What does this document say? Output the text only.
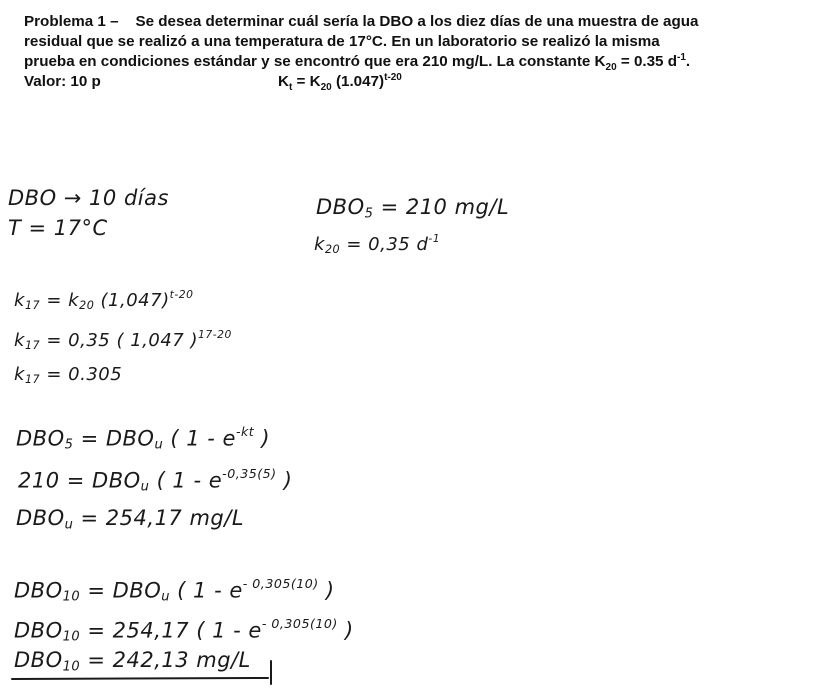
Problema 1 – Se desea determinar cuál sería la DBO a los diez días de una muestra de agua
residual que se realizó a una temperatura de 17°C. En un laboratorio se realizó la misma
prueba en condiciones estándar y se encontró que era 210 mg/L. La constante $K_{20} = 0.35$ $d^{-1}$.
Valor: 10 p	$K_t = K_{20}$ $(1.047)^{t-20}$
DBO → 10 días
T = 17°C
DBO5 = 210 mg/L
k20 = 0,35 $d^{-1}$
k17 = k20 $(1,047)^{t-20}$
k17 = 0,35 ( 1,047 )$^{17-20}$
k17 = 0.305
DBO5 = DBOu ( $1 - e^{-kt}$ )
210 = DBOu ( $1 - e^{-0,35(5)}$ )
DBOu = 254,17 mg/L
DBO10 = DBOu ( $1 - e^{- 0,305(10)}$ )
DBO10 = 254,17 ( $1 - e^{- 0,305(10)}$ )
DBO10 = 242,13 mg/L
